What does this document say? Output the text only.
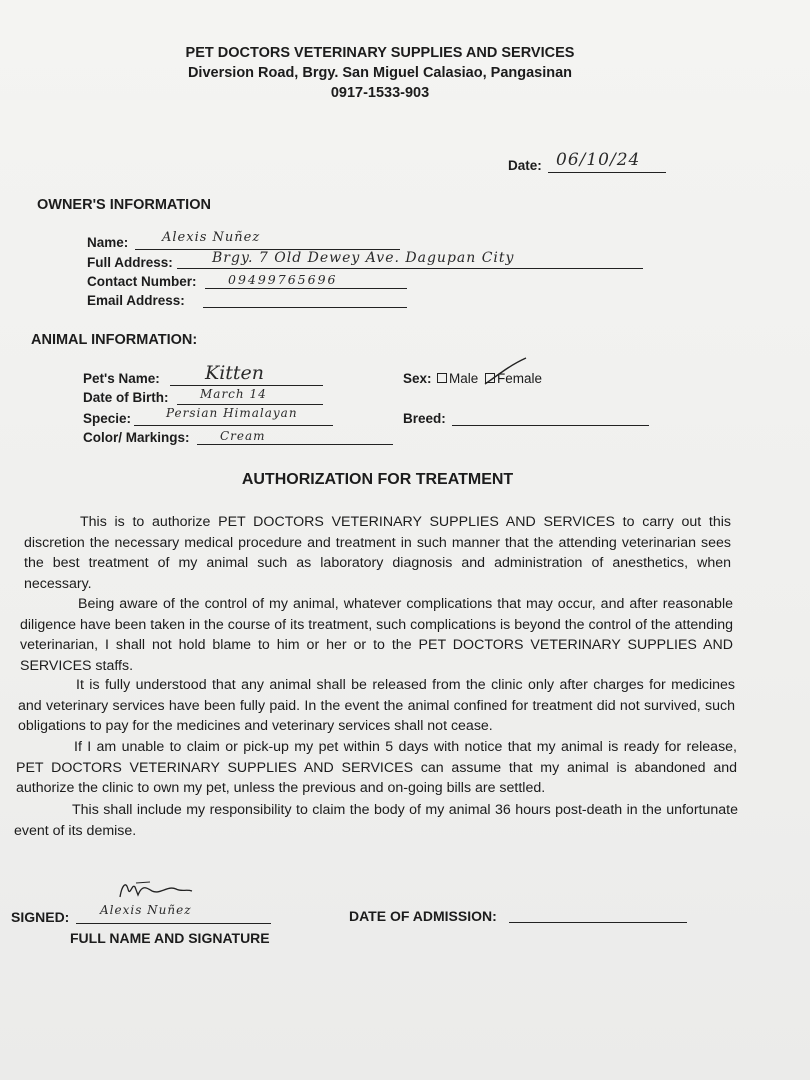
PET DOCTORS VETERINARY SUPPLIES AND SERVICES
Diversion Road, Brgy. San Miguel Calasiao, Pangasinan
0917-1533-903
Date: 06/10/24
OWNER'S INFORMATION
Name:	Alexis Nuñez
Full Address:	Brgy. 7 Old Dewey Ave. Dagupan City
Contact Number:	09499765696
Email Address:
ANIMAL INFORMATION:
Pet's Name: Kitten
Date of Birth:	March 14
Specie:	Persian Himalayan
Color/ Markings:	Cream
Sex:	Male	Female
Breed:
AUTHORIZATION FOR TREATMENT

This is to authorize PET DOCTORS VETERINARY SUPPLIES AND SERVICES to carry out this discretion the necessary medical procedure and treatment in such manner that the attending veterinarian sees the best treatment of my animal such as laboratory diagnosis and administration of anesthetics, when necessary.

Being aware of the control of my animal, whatever complications that may occur, and after reasonable diligence have been taken in the course of its treatment, such complications is beyond the control of the attending veterinarian, I shall not hold blame to him or her or to the PET DOCTORS VETERINARY SUPPLIES AND SERVICES staffs.

It is fully understood that any animal shall be released from the clinic only after charges for medicines and veterinary services have been fully paid. In the event the animal confined for treatment did not survived, such obligations to pay for the medicines and veterinary services shall not cease.

If I am unable to claim or pick-up my pet within 5 days with notice that my animal is ready for release, PET DOCTORS VETERINARY SUPPLIES AND SERVICES can assume that my animal is abandoned and authorize the clinic to own my pet, unless the previous and on-going bills are settled.

This shall include my responsibility to claim the body of my animal 36 hours post-death in the unfortunate event of its demise.

SIGNED:	Alexis Nuñez
FULL NAME AND SIGNATURE
DATE OF ADMISSION:
